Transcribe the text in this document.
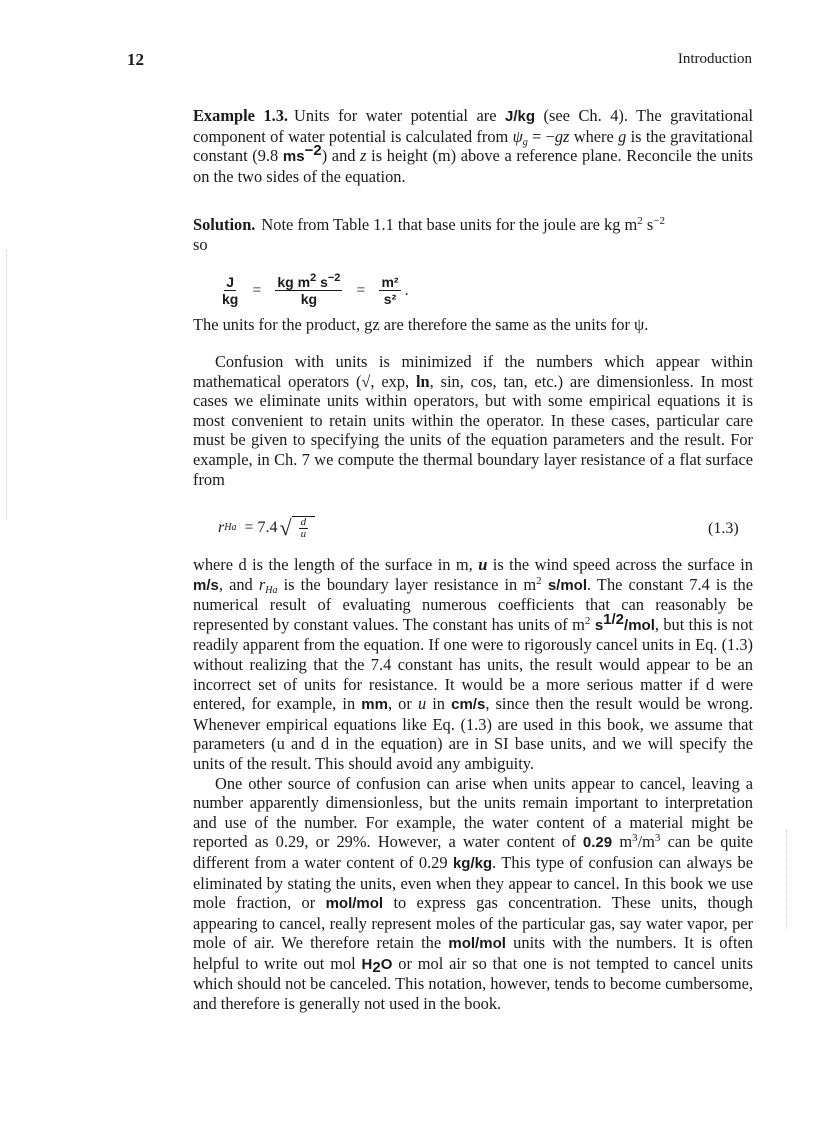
12	Introduction

Example 1.3. Units for water potential are J/kg (see Ch. 4). The gravitational component of water potential is calculated from $\psi_g = -gz$ where g is the gravitational constant (9.8 $ms^{-2}$) and z is height (m) above a reference plane. Reconcile the units on the two sides of the equation.

Solution. Note from Table 1.1 that base units for the joule are kg $m^2$ $s^{-2}$
so

$\frac{J}{kg} = \frac{kg m^2 s^{-2}}{kg} = \frac{\text{m²}}{\text{s²}}$ .
The units for the product, gz are therefore the same as the units for ψ.

Confusion with units is minimized if the numbers which appear within mathematical operators (√, exp, ln, sin, cos, tan, etc.) are dimensionless. In most cases we eliminate units within operators, but with some empirical equations it is most convenient to retain units within the operator. In these cases, particular care must be given to specifying the units of the equation parameters and the result. For example, in Ch. 7 we compute the thermal boundary layer resistance of a flat surface from

r Ha = 7.4 √ $\frac{d}{u}$	(1.3)

where d is the length of the surface in m, u is the wind speed across the surface in m/s, and $r_{Ha}$ is the boundary layer resistance in $m^2$ s/mol. The constant 7.4 is the numerical result of evaluating numerous coefficients that can reasonably be represented by constant values. The constant has units of $m^2$ $s^{1/2}$/mol, but this is not readily apparent from the equation. If one were to rigorously cancel units in Eq. (1.3) without realizing that the 7.4 constant has units, the result would appear to be an incorrect set of units for resistance. It would be a more serious matter if d were entered, for example, in mm, or u in cm/s, since then the result would be wrong. Whenever empirical equations like Eq. (1.3) are used in this book, we assume that parameters (u and d in the equation) are in SI base units, and we will specify the units of the result. This should avoid any ambiguity.

One other source of confusion can arise when units appear to cancel, leaving a number apparently dimensionless, but the units remain important to interpretation and use of the number. For example, the water content of a material might be reported as 0.29, or 29%. However, a water content of 0.29 $m^3/m^3$ can be quite different from a water content of 0.29 kg/kg. This type of confusion can always be eliminated by stating the units, even when they appear to cancel. In this book we use mole fraction, or mol/mol to express gas concentration. These units, though appearing to cancel, really represent moles of the particular gas, say water vapor, per mole of air. We therefore retain the mol/mol units with the numbers. It is often helpful to write out mol $H_2O$ or mol air so that one is not tempted to cancel units which should not be canceled. This notation, however, tends to become cumbersome, and therefore is generally not used in the book.
